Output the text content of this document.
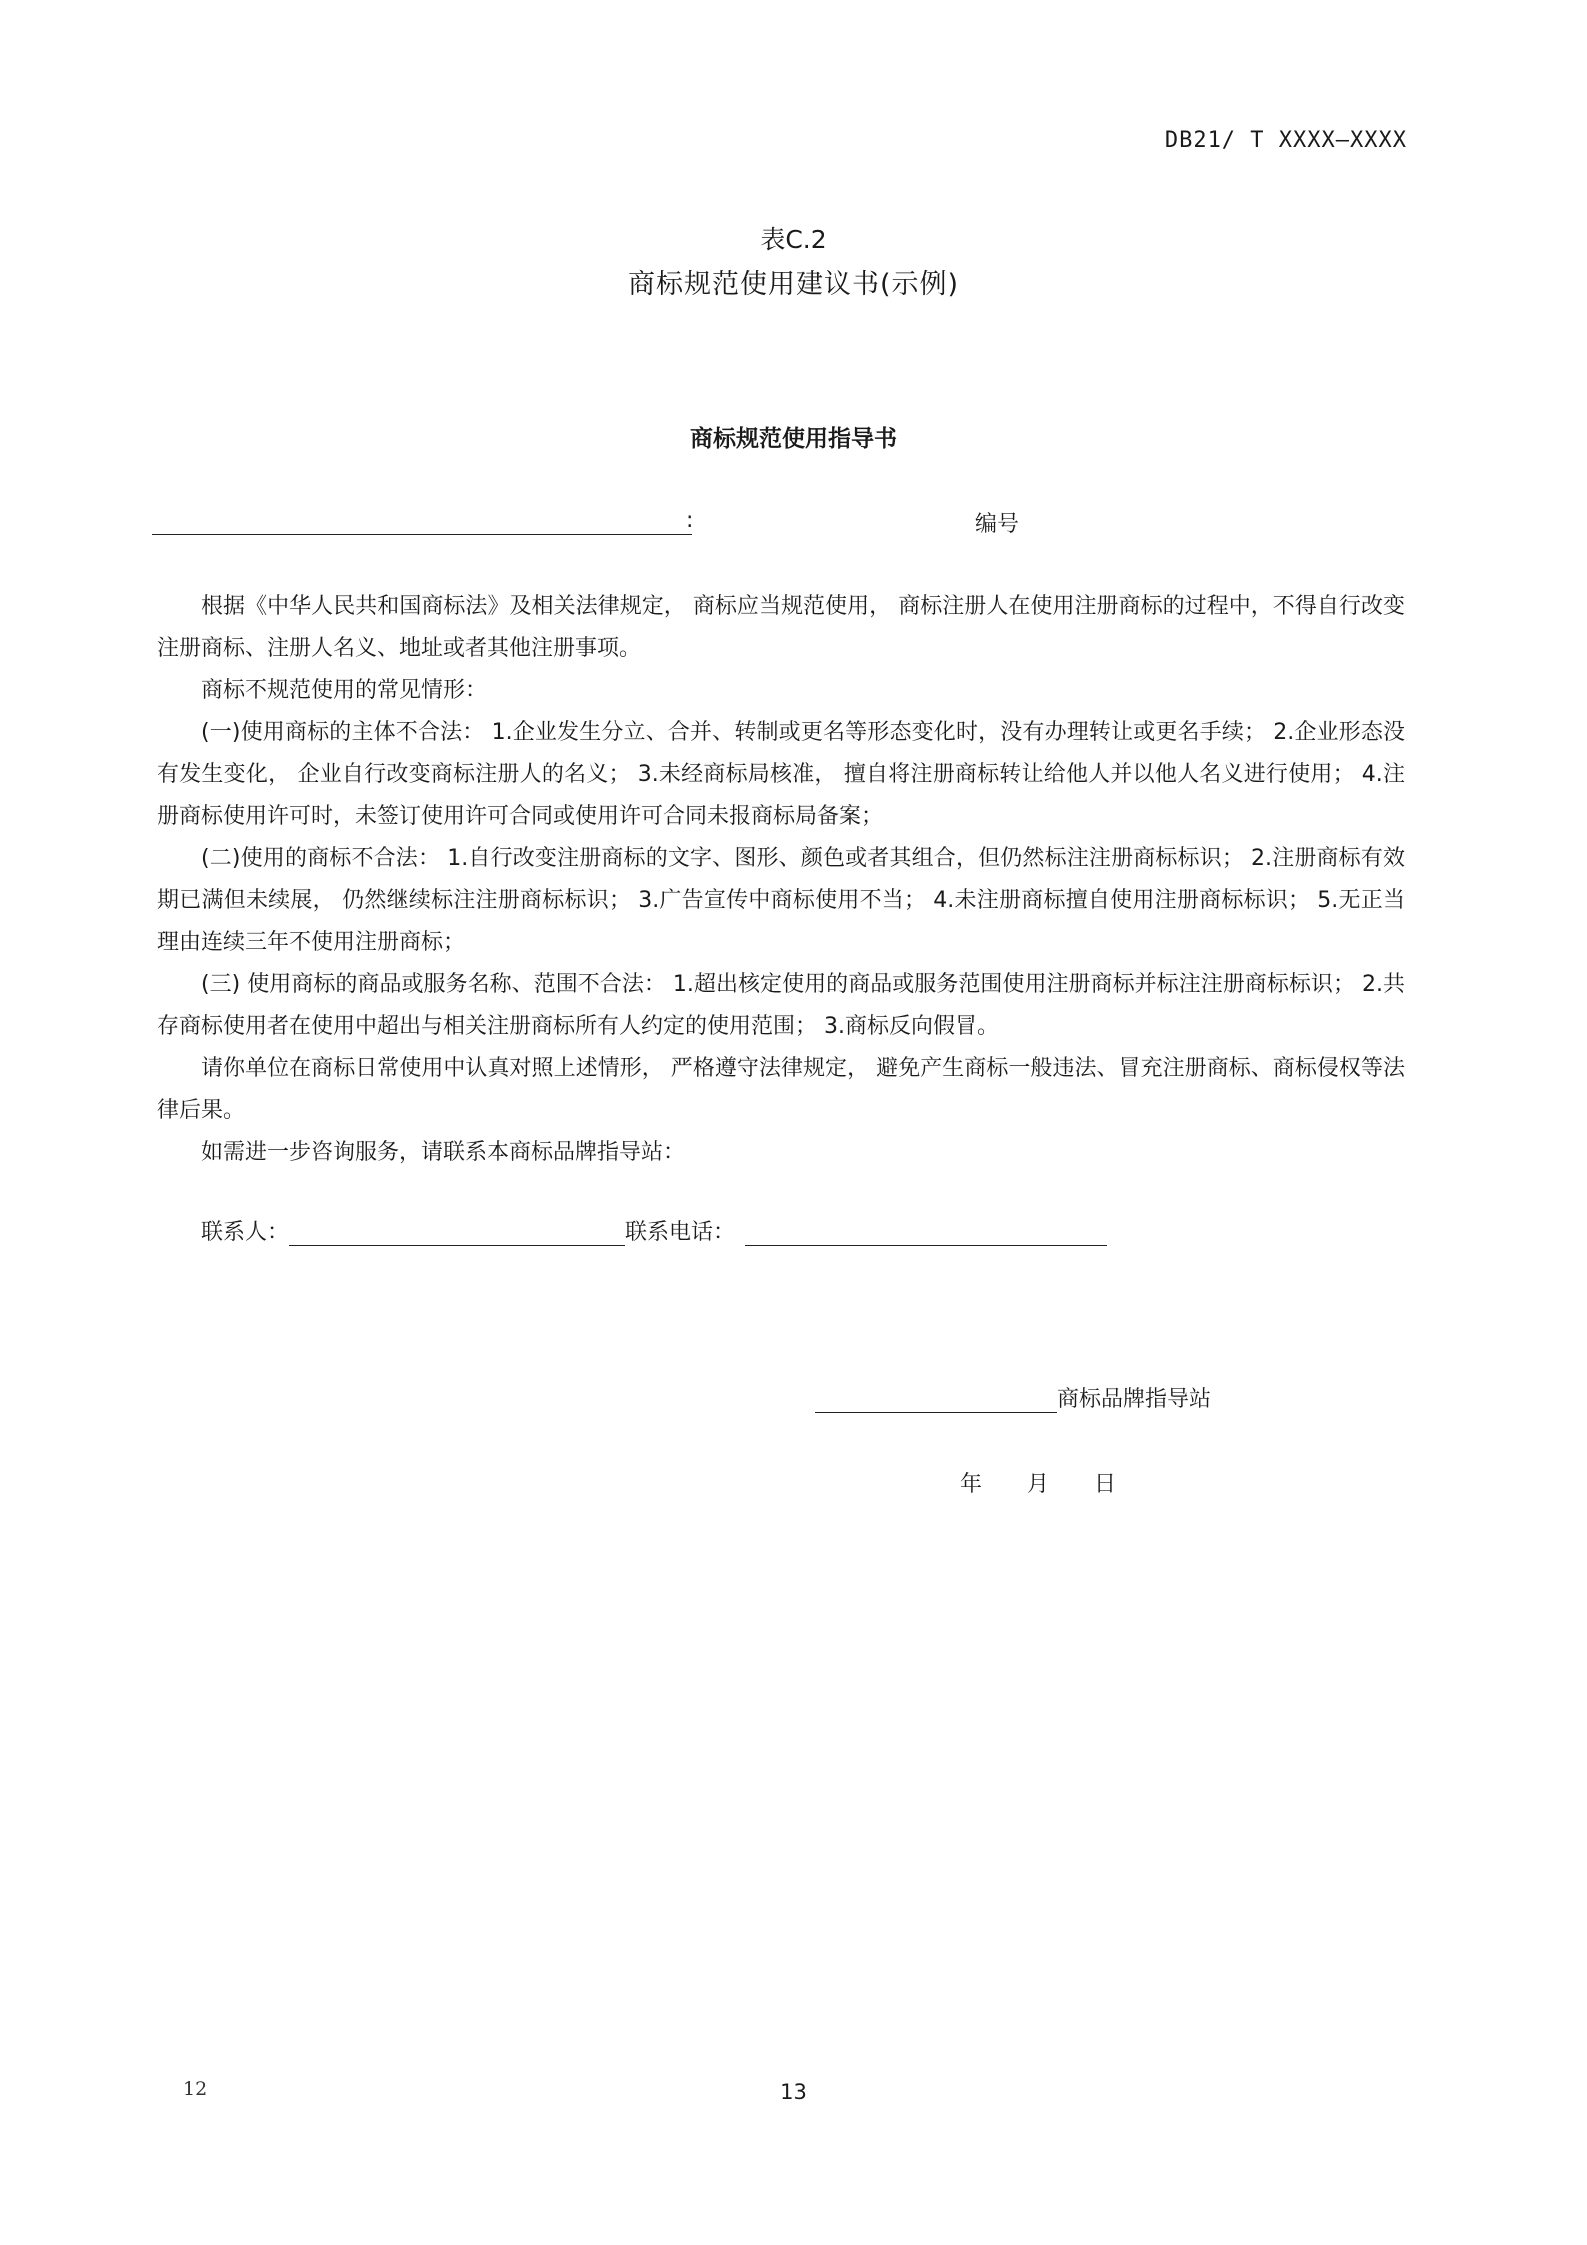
DB21/ T XXXX—XXXX
表C.2
商标规范使用建议书(示例)
商标规范使用指导书
:	编号

根据《中华人民共和国商标法》及相关法律规定， 商标应当规范使用， 商标注册人在使用注册商标的过程中，不得自行改变注册商标、注册人名义、地址或者其他注册事项。

商标不规范使用的常见情形：

(一)使用商标的主体不合法： 1.企业发生分立、合并、转制或更名等形态变化时，没有办理转让或更名手续； 2.企业形态没有发生变化， 企业自行改变商标注册人的名义； 3.未经商标局核准， 擅自将注册商标转让给他人并以他人名义进行使用； 4.注册商标使用许可时，未签订使用许可合同或使用许可合同未报商标局备案；

(二)使用的商标不合法： 1.自行改变注册商标的文字、图形、颜色或者其组合，但仍然标注注册商标标识； 2.注册商标有效期已满但未续展， 仍然继续标注注册商标标识； 3.广告宣传中商标使用不当； 4.未注册商标擅自使用注册商标标识； 5.无正当理由连续三年不使用注册商标；

(三) 使用商标的商品或服务名称、范围不合法： 1.超出核定使用的商品或服务范围使用注册商标并标注注册商标标识； 2.共存商标使用者在使用中超出与相关注册商标所有人约定的使用范围； 3.商标反向假冒。

请你单位在商标日常使用中认真对照上述情形， 严格遵守法律规定， 避免产生商标一般违法、冒充注册商标、商标侵权等法律后果。

如需进一步咨询服务，请联系本商标品牌指导站：

联系人：	联系电话：
商标品牌指导站
年 月 日
12	13
